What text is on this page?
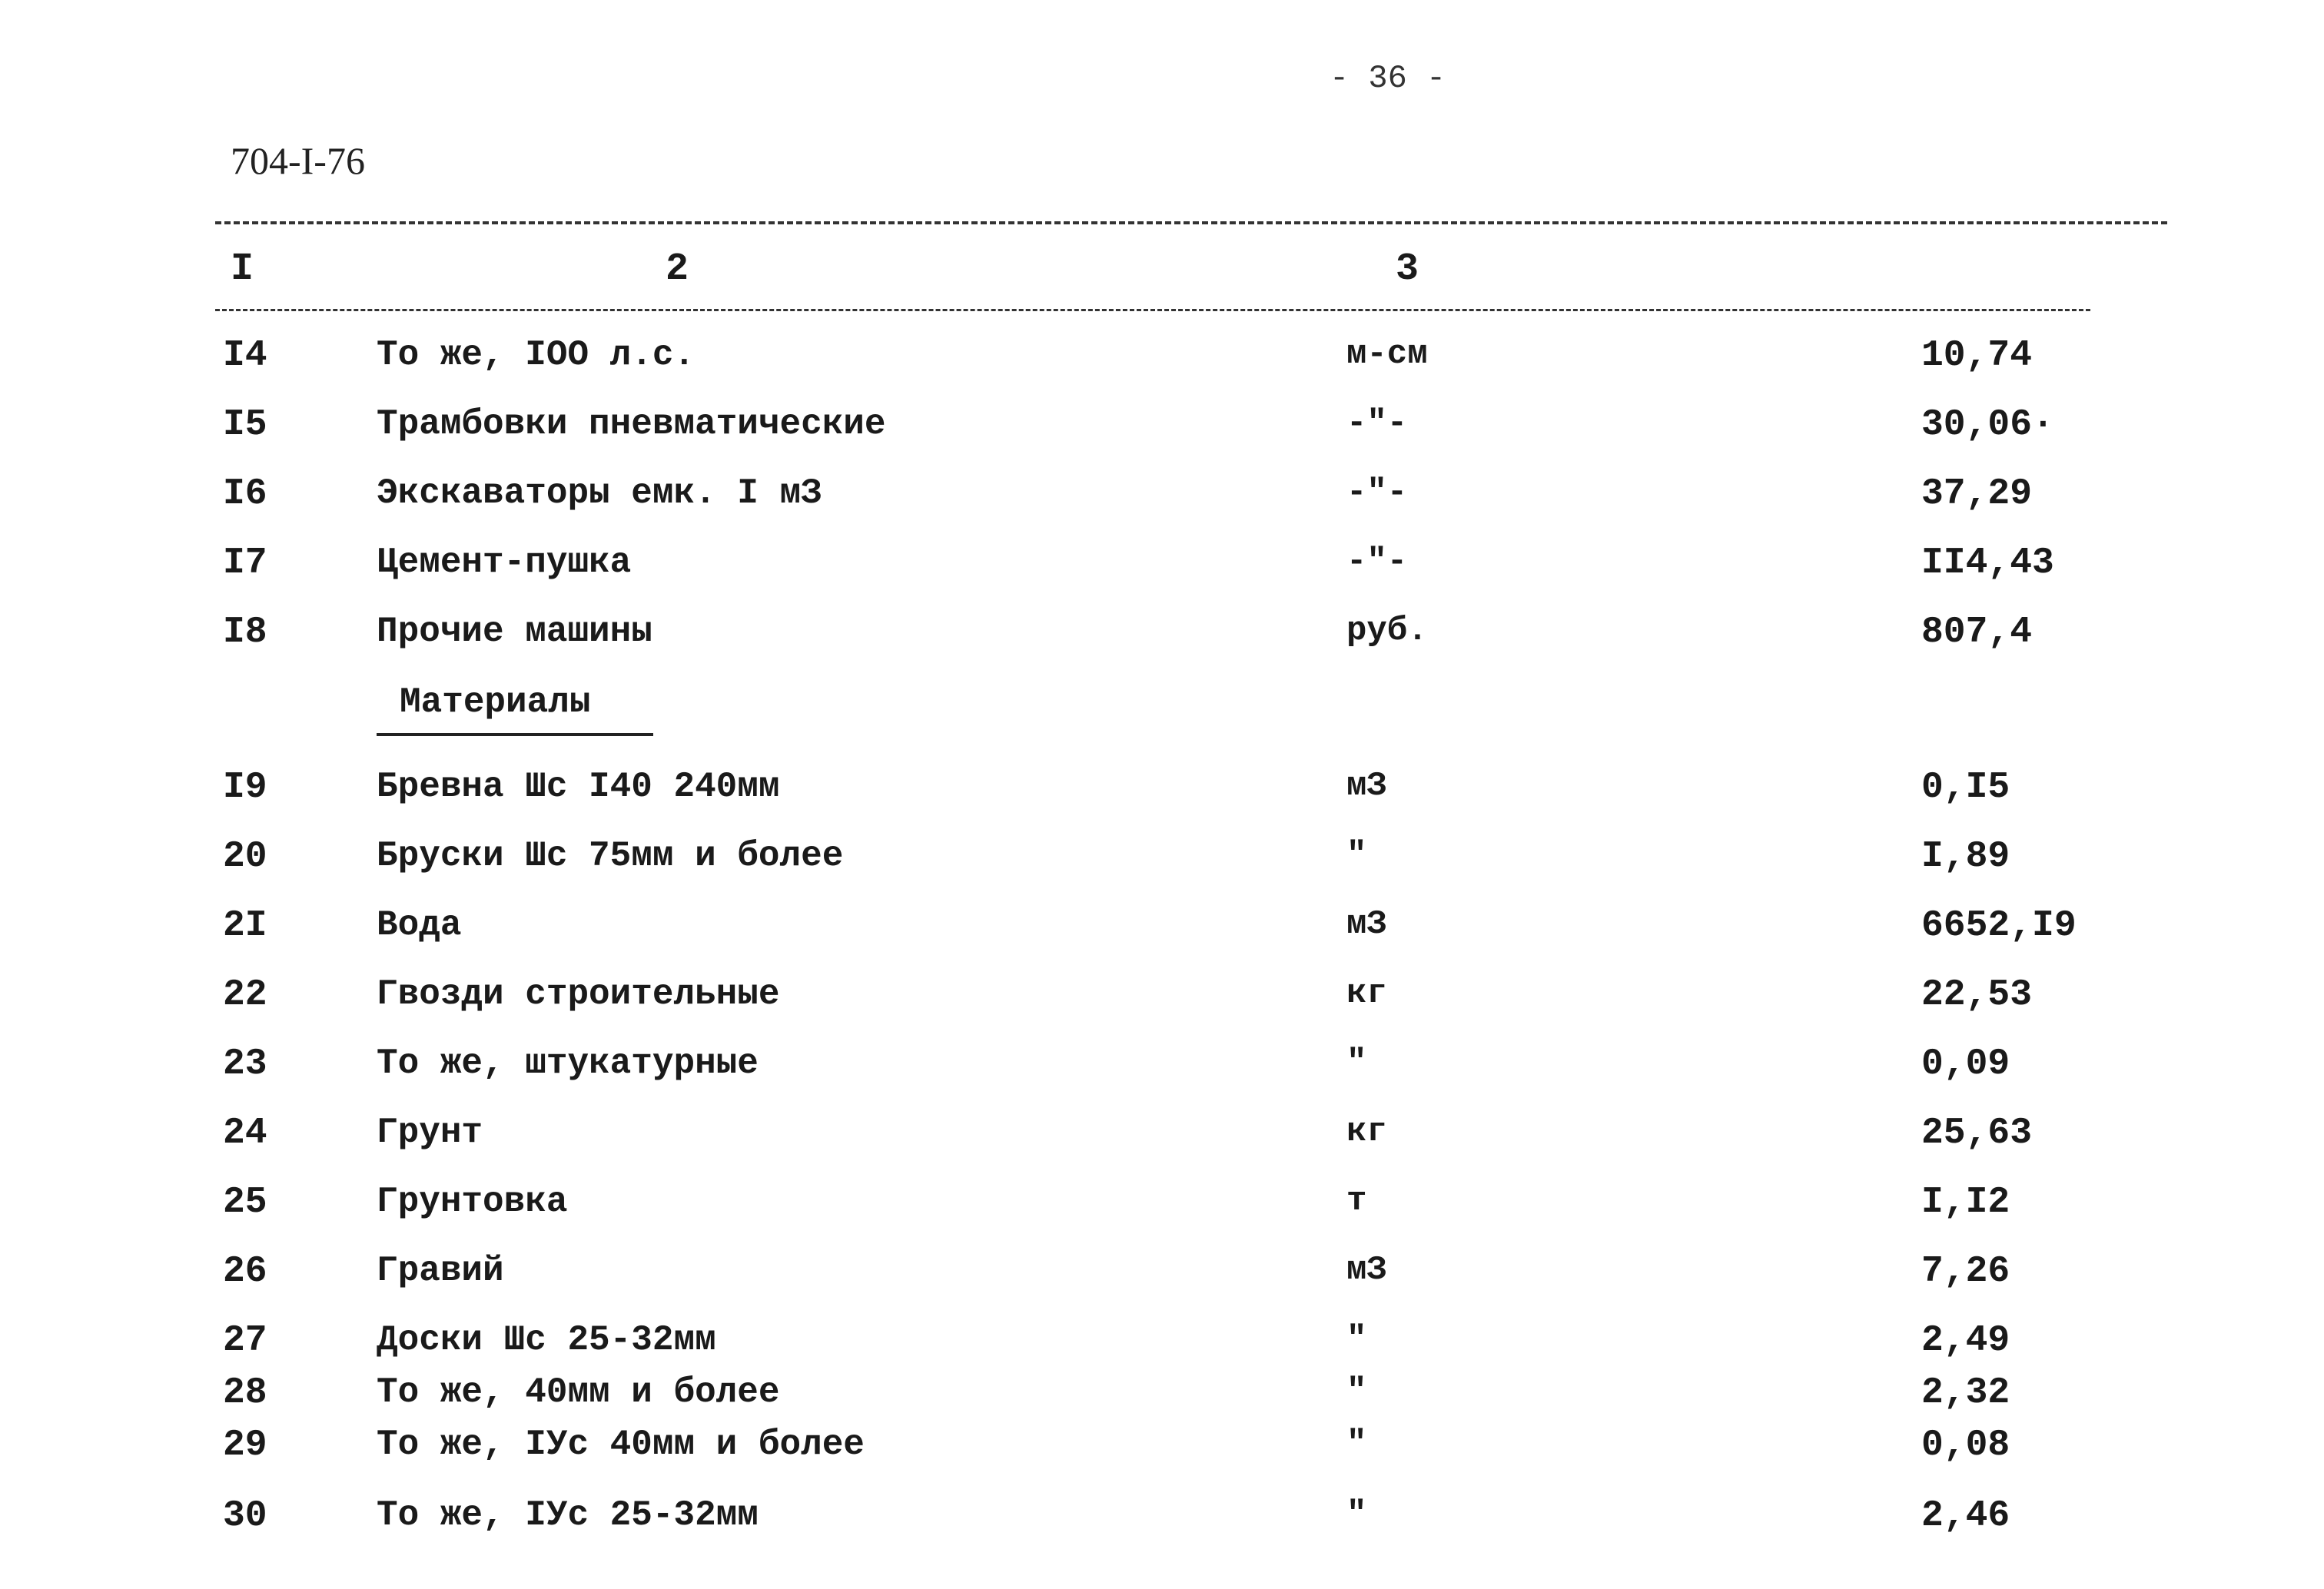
- 36 -
704-I-76
I	2	3
I4	То же, IOO л.с.	м-см	10,74
I5	Трамбовки пневматические	-"-	30,06·
I6	Экскаваторы емк. I мЗ	-"-	37,29
I7	Цемент-пушка	-"-	II4,43
I8	Прочие машины	руб.	807,4
Материалы
I9	Бревна Шс I40 240мм	мЗ	0,I5
20	Бруски Шс 75мм и более	"	I,89
2I	Вода	мЗ	6652,I9
22	Гвозди строительные	кг	22,53
23	То же, штукатурные	"	0,09
24	Грунт	кг	25,63
25	Грунтовка	т	I,I2
26	Гравий	мЗ	7,26
27	Доски Шс 25-32мм	"	2,49
28	То же, 40мм и более	"	2,32
29	То же, IУс 40мм и более	"	0,08
30	То же, IУс 25-32мм	"	2,46
